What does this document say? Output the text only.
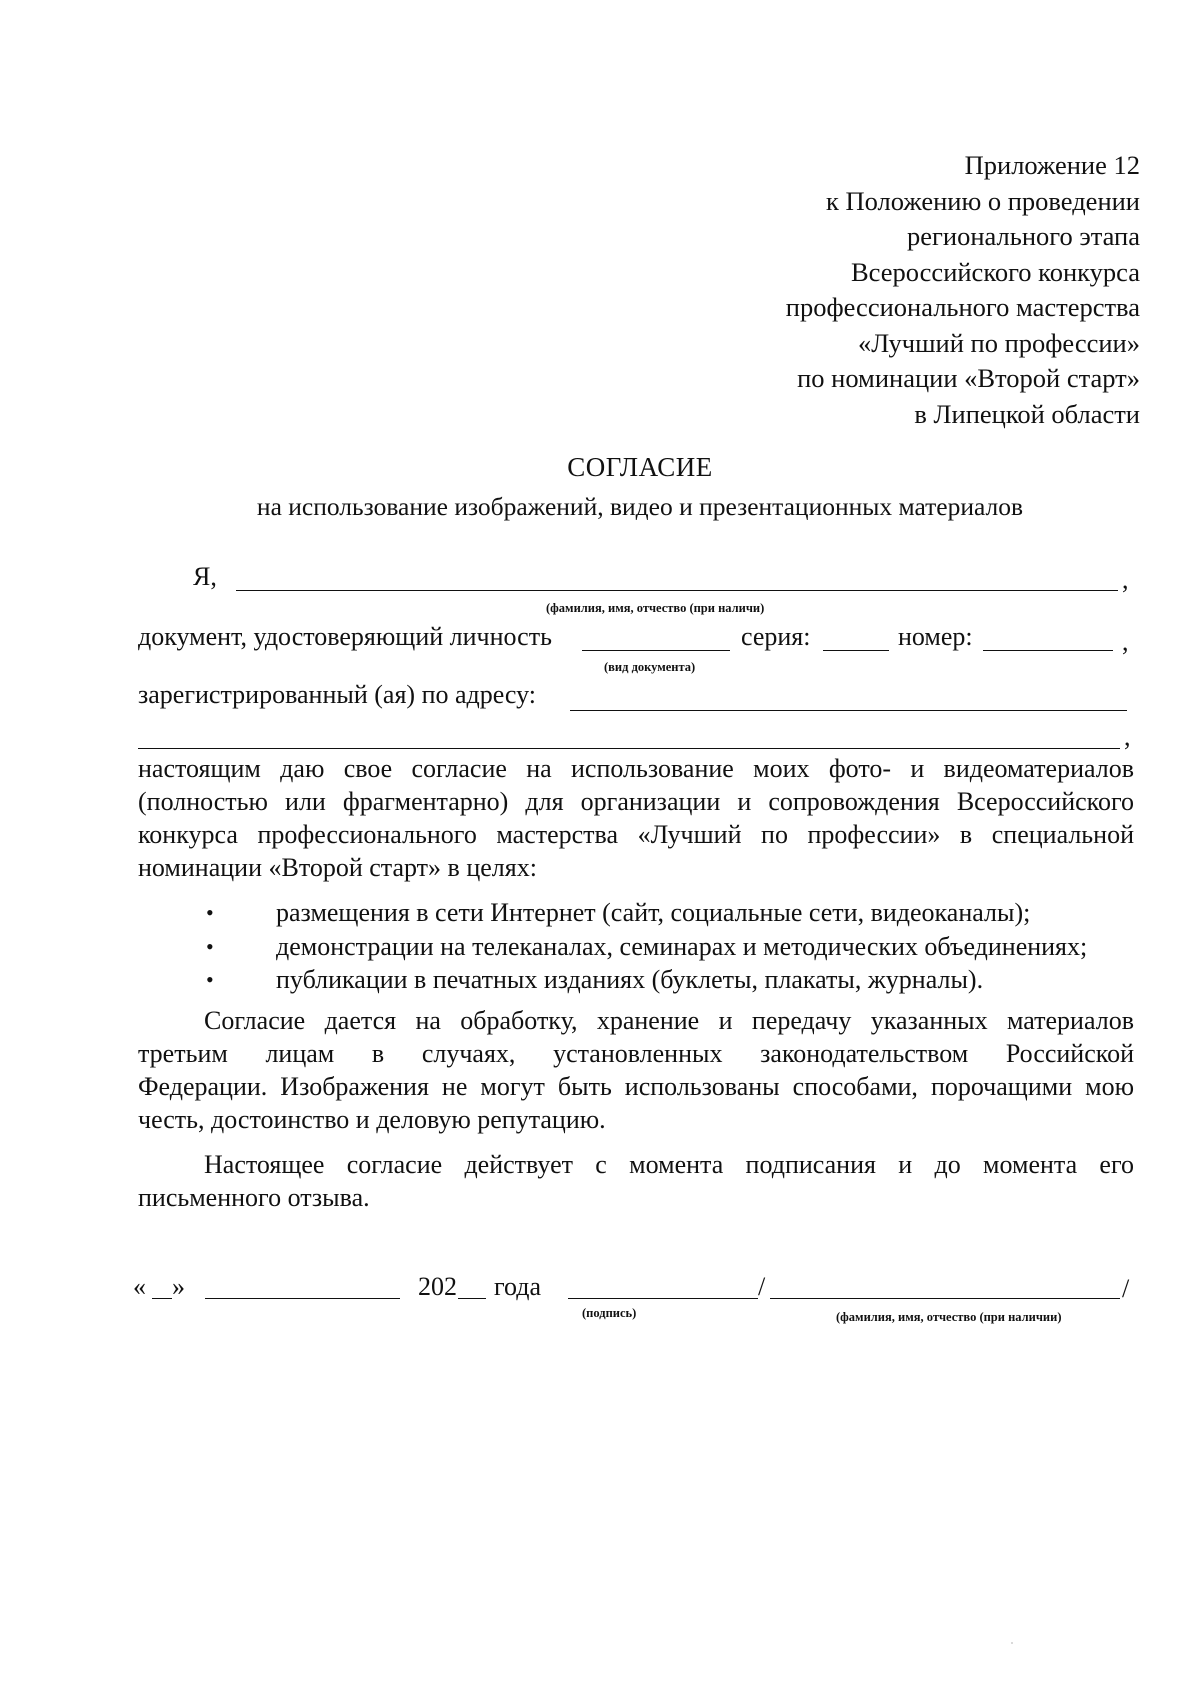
Приложение 12
к Положению о проведении
регионального этапа
Всероссийского конкурса
профессионального мастерства
«Лучший по профессии»
по номинации «Второй старт»
в Липецкой области
СОГЛАСИЕ
на использование изображений, видео и презентационных материалов
Я,	,
(фамилия, имя, отчество (при наличи)
документ, удостоверяющий личность	серия:	номер:	,
(вид документа)
зарегистрированный (ая) по адресу:
,
настоящим даю свое согласие на использование моих фото- и видеоматериалов
(полностью или фрагментарно) для организации и сопровождения Всероссийского
конкурса профессионального мастерства «Лучший по профессии» в специальной
номинации «Второй старт» в целях:
• размещения в сети Интернет (сайт, социальные сети, видеоканалы);
• демонстрации на телеканалах, семинарах и методических объединениях;
• публикации в печатных изданиях (буклеты, плакаты, журналы).
Согласие дается на обработку, хранение и передачу указанных материалов
третьим лицам в случаях, установленных законодательством Российской
Федерации. Изображения не могут быть использованы способами, порочащими мою
честь, достоинство и деловую репутацию.
Настоящее согласие действует с момента подписания и до момента его
письменного отзыва.
« »	202 года	/	/
(подпись)	(фамилия, имя, отчество (при наличии)
